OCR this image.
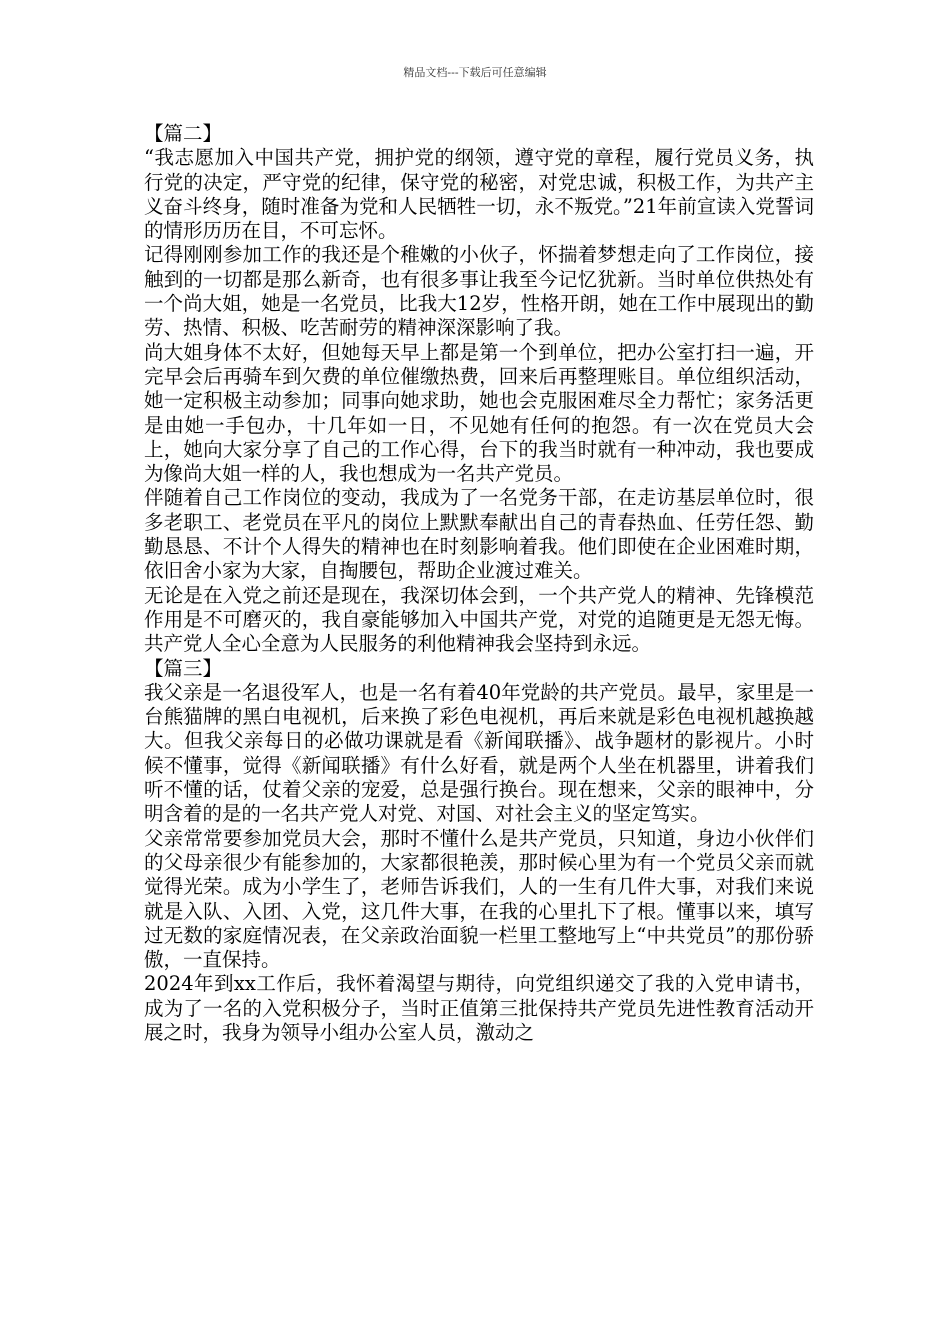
精品文档---下载后可任意编辑

【篇二】

“我志愿加入中国共产党，拥护党的纲领，遵守党的章程，履行党员义务，执行党的决定，严守党的纪律，保守党的秘密，对党忠诚，积极工作，为共产主义奋斗终身，随时准备为党和人民牺牲一切，永不叛党。”21年前宣读入党誓词的情形历历在目，不可忘怀。

记得刚刚参加工作的我还是个稚嫩的小伙子，怀揣着梦想走向了工作岗位，接触到的一切都是那么新奇，也有很多事让我至今记忆犹新。当时单位供热处有一个尚大姐，她是一名党员，比我大12岁，性格开朗，她在工作中展现出的勤劳、热情、积极、吃苦耐劳的精神深深影响了我。

尚大姐身体不太好，但她每天早上都是第一个到单位，把办公室打扫一遍，开完早会后再骑车到欠费的单位催缴热费，回来后再整理账目。单位组织活动，她一定积极主动参加；同事向她求助，她也会克服困难尽全力帮忙；家务活更是由她一手包办，十几年如一日，不见她有任何的抱怨。有一次在党员大会上，她向大家分享了自己的工作心得，台下的我当时就有一种冲动，我也要成为像尚大姐一样的人，我也想成为一名共产党员。

伴随着自己工作岗位的变动，我成为了一名党务干部，在走访基层单位时，很多老职工、老党员在平凡的岗位上默默奉献出自己的青春热血、任劳任怨、勤勤恳恳、不计个人得失的精神也在时刻影响着我。他们即使在企业困难时期，依旧舍小家为大家，自掏腰包，帮助企业渡过难关。

无论是在入党之前还是现在，我深切体会到，一个共产党人的精神、先锋模范作用是不可磨灭的，我自豪能够加入中国共产党，对党的追随更是无怨无悔。共产党人全心全意为人民服务的利他精神我会坚持到永远。

【篇三】

我父亲是一名退役军人，也是一名有着40年党龄的共产党员。最早，家里是一台熊猫牌的黑白电视机，后来换了彩色电视机，再后来就是彩色电视机越换越大。但我父亲每日的必做功课就是看《新闻联播》、战争题材的影视片。小时候不懂事，觉得《新闻联播》有什么好看，就是两个人坐在机器里，讲着我们听不懂的话，仗着父亲的宠爱，总是强行换台。现在想来，父亲的眼神中，分明含着的是的一名共产党人对党、对国、对社会主义的坚定笃实。

父亲常常要参加党员大会，那时不懂什么是共产党员，只知道，身边小伙伴们的父母亲很少有能参加的，大家都很艳羡，那时候心里为有一个党员父亲而就觉得光荣。成为小学生了，老师告诉我们，人的一生有几件大事，对我们来说就是入队、入团、入党，这几件大事，在我的心里扎下了根。懂事以来，填写过无数的家庭情况表，在父亲政治面貌一栏里工整地写上“中共党员”的那份骄傲，一直保持。

2024年到xx工作后，我怀着渴望与期待，向党组织递交了我的入党申请书，成为了一名的入党积极分子，当时正值第三批保持共产党员先进性教育活动开展之时，我身为领导小组办公室人员，激动之
